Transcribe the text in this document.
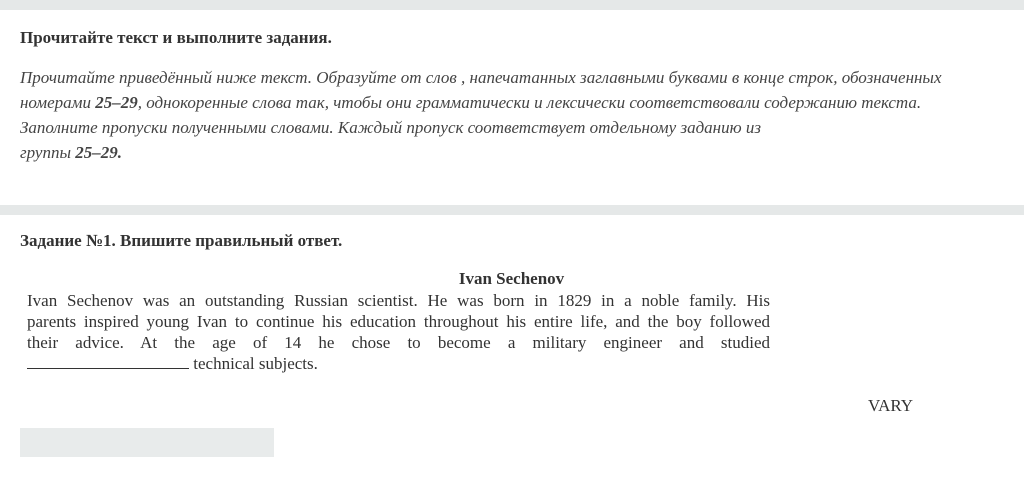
Прочитайте текст и выполните задания.
Прочитайте приведённый ниже текст. Образуйте от слов , напечатанных заглавными буквами в конце строк, обозначенных
номерами 25–29, однокоренные слова так, чтобы они грамматически и лексически соответствовали содержанию текста.
Заполните пропуски полученными словами. Каждый пропуск соответствует отдельному заданию из
группы 25–29.
Задание №1. Впишите правильный ответ.
Ivan Sechenov
Ivan Sechenov was an outstanding Russian scientist. He was born in 1829 in a noble family. His
parents inspired young Ivan to continue his education throughout his entire life, and the boy followed
their advice. At the age of 14 he chose to become a military engineer and studied
technical subjects.
VARY
